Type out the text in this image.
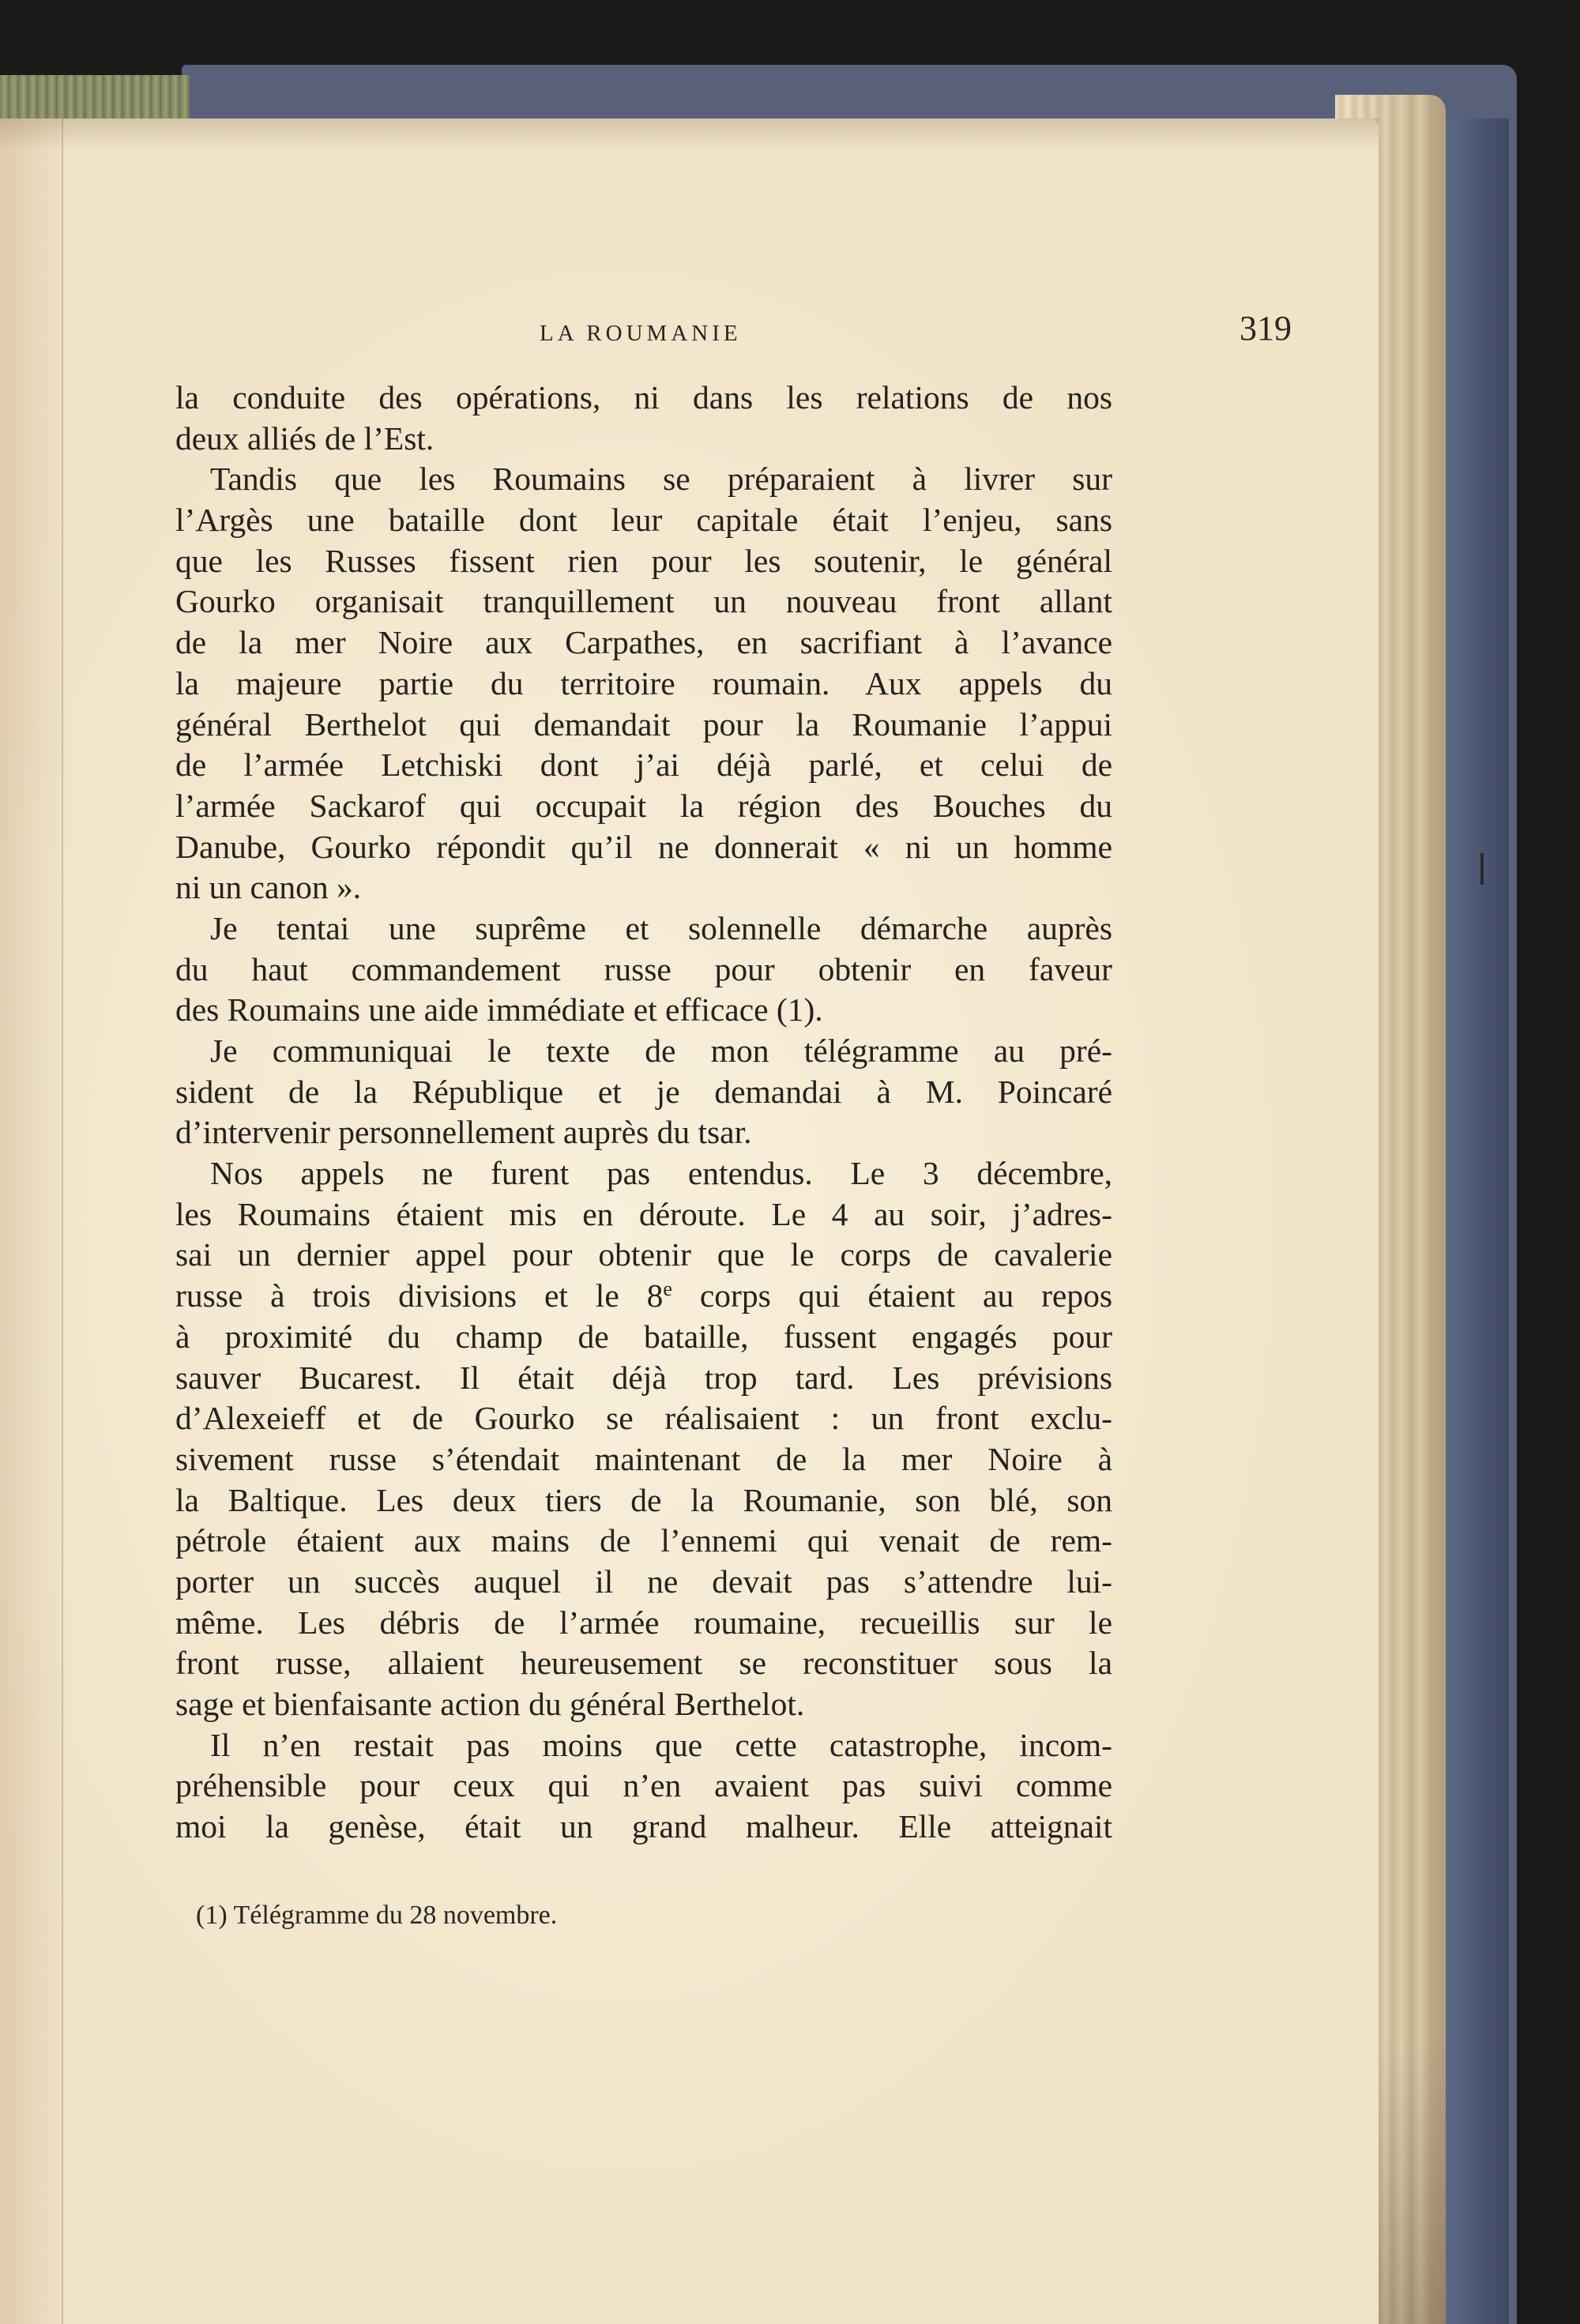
LA ROUMANIE	319

la conduite des opérations, ni dans les relations de nos
deux alliés de l’Est.

Tandis que les Roumains se préparaient à livrer sur
l’Argès une bataille dont leur capitale était l’enjeu, sans
que les Russes fissent rien pour les soutenir, le général
Gourko organisait tranquillement un nouveau front allant
de la mer Noire aux Carpathes, en sacrifiant à l’avance
la majeure partie du territoire roumain. Aux appels du
général Berthelot qui demandait pour la Roumanie l’appui
de l’armée Letchiski dont j’ai déjà parlé, et celui de
l’armée Sackarof qui occupait la région des Bouches du
Danube, Gourko répondit qu’il ne donnerait « ni un homme
ni un canon ».

Je tentai une suprême et solennelle démarche auprès
du haut commandement russe pour obtenir en faveur
des Roumains une aide immédiate et efficace (1).

Je communiquai le texte de mon télégramme au pré-
sident de la République et je demandai à M. Poincaré
d’intervenir personnellement auprès du tsar.

Nos appels ne furent pas entendus. Le 3 décembre,
les Roumains étaient mis en déroute. Le 4 au soir, j’adres-
sai un dernier appel pour obtenir que le corps de cavalerie
russe à trois divisions et le 8e corps qui étaient au repos
à proximité du champ de bataille, fussent engagés pour
sauver Bucarest. Il était déjà trop tard. Les prévisions
d’Alexeieff et de Gourko se réalisaient : un front exclu-
sivement russe s’étendait maintenant de la mer Noire à
la Baltique. Les deux tiers de la Roumanie, son blé, son
pétrole étaient aux mains de l’ennemi qui venait de rem-
porter un succès auquel il ne devait pas s’attendre lui-
même. Les débris de l’armée roumaine, recueillis sur le
front russe, allaient heureusement se reconstituer sous la
sage et bienfaisante action du général Berthelot.

Il n’en restait pas moins que cette catastrophe, incom-
préhensible pour ceux qui n’en avaient pas suivi comme
moi la genèse, était un grand malheur. Elle atteignait

(1) Télégramme du 28 novembre.
